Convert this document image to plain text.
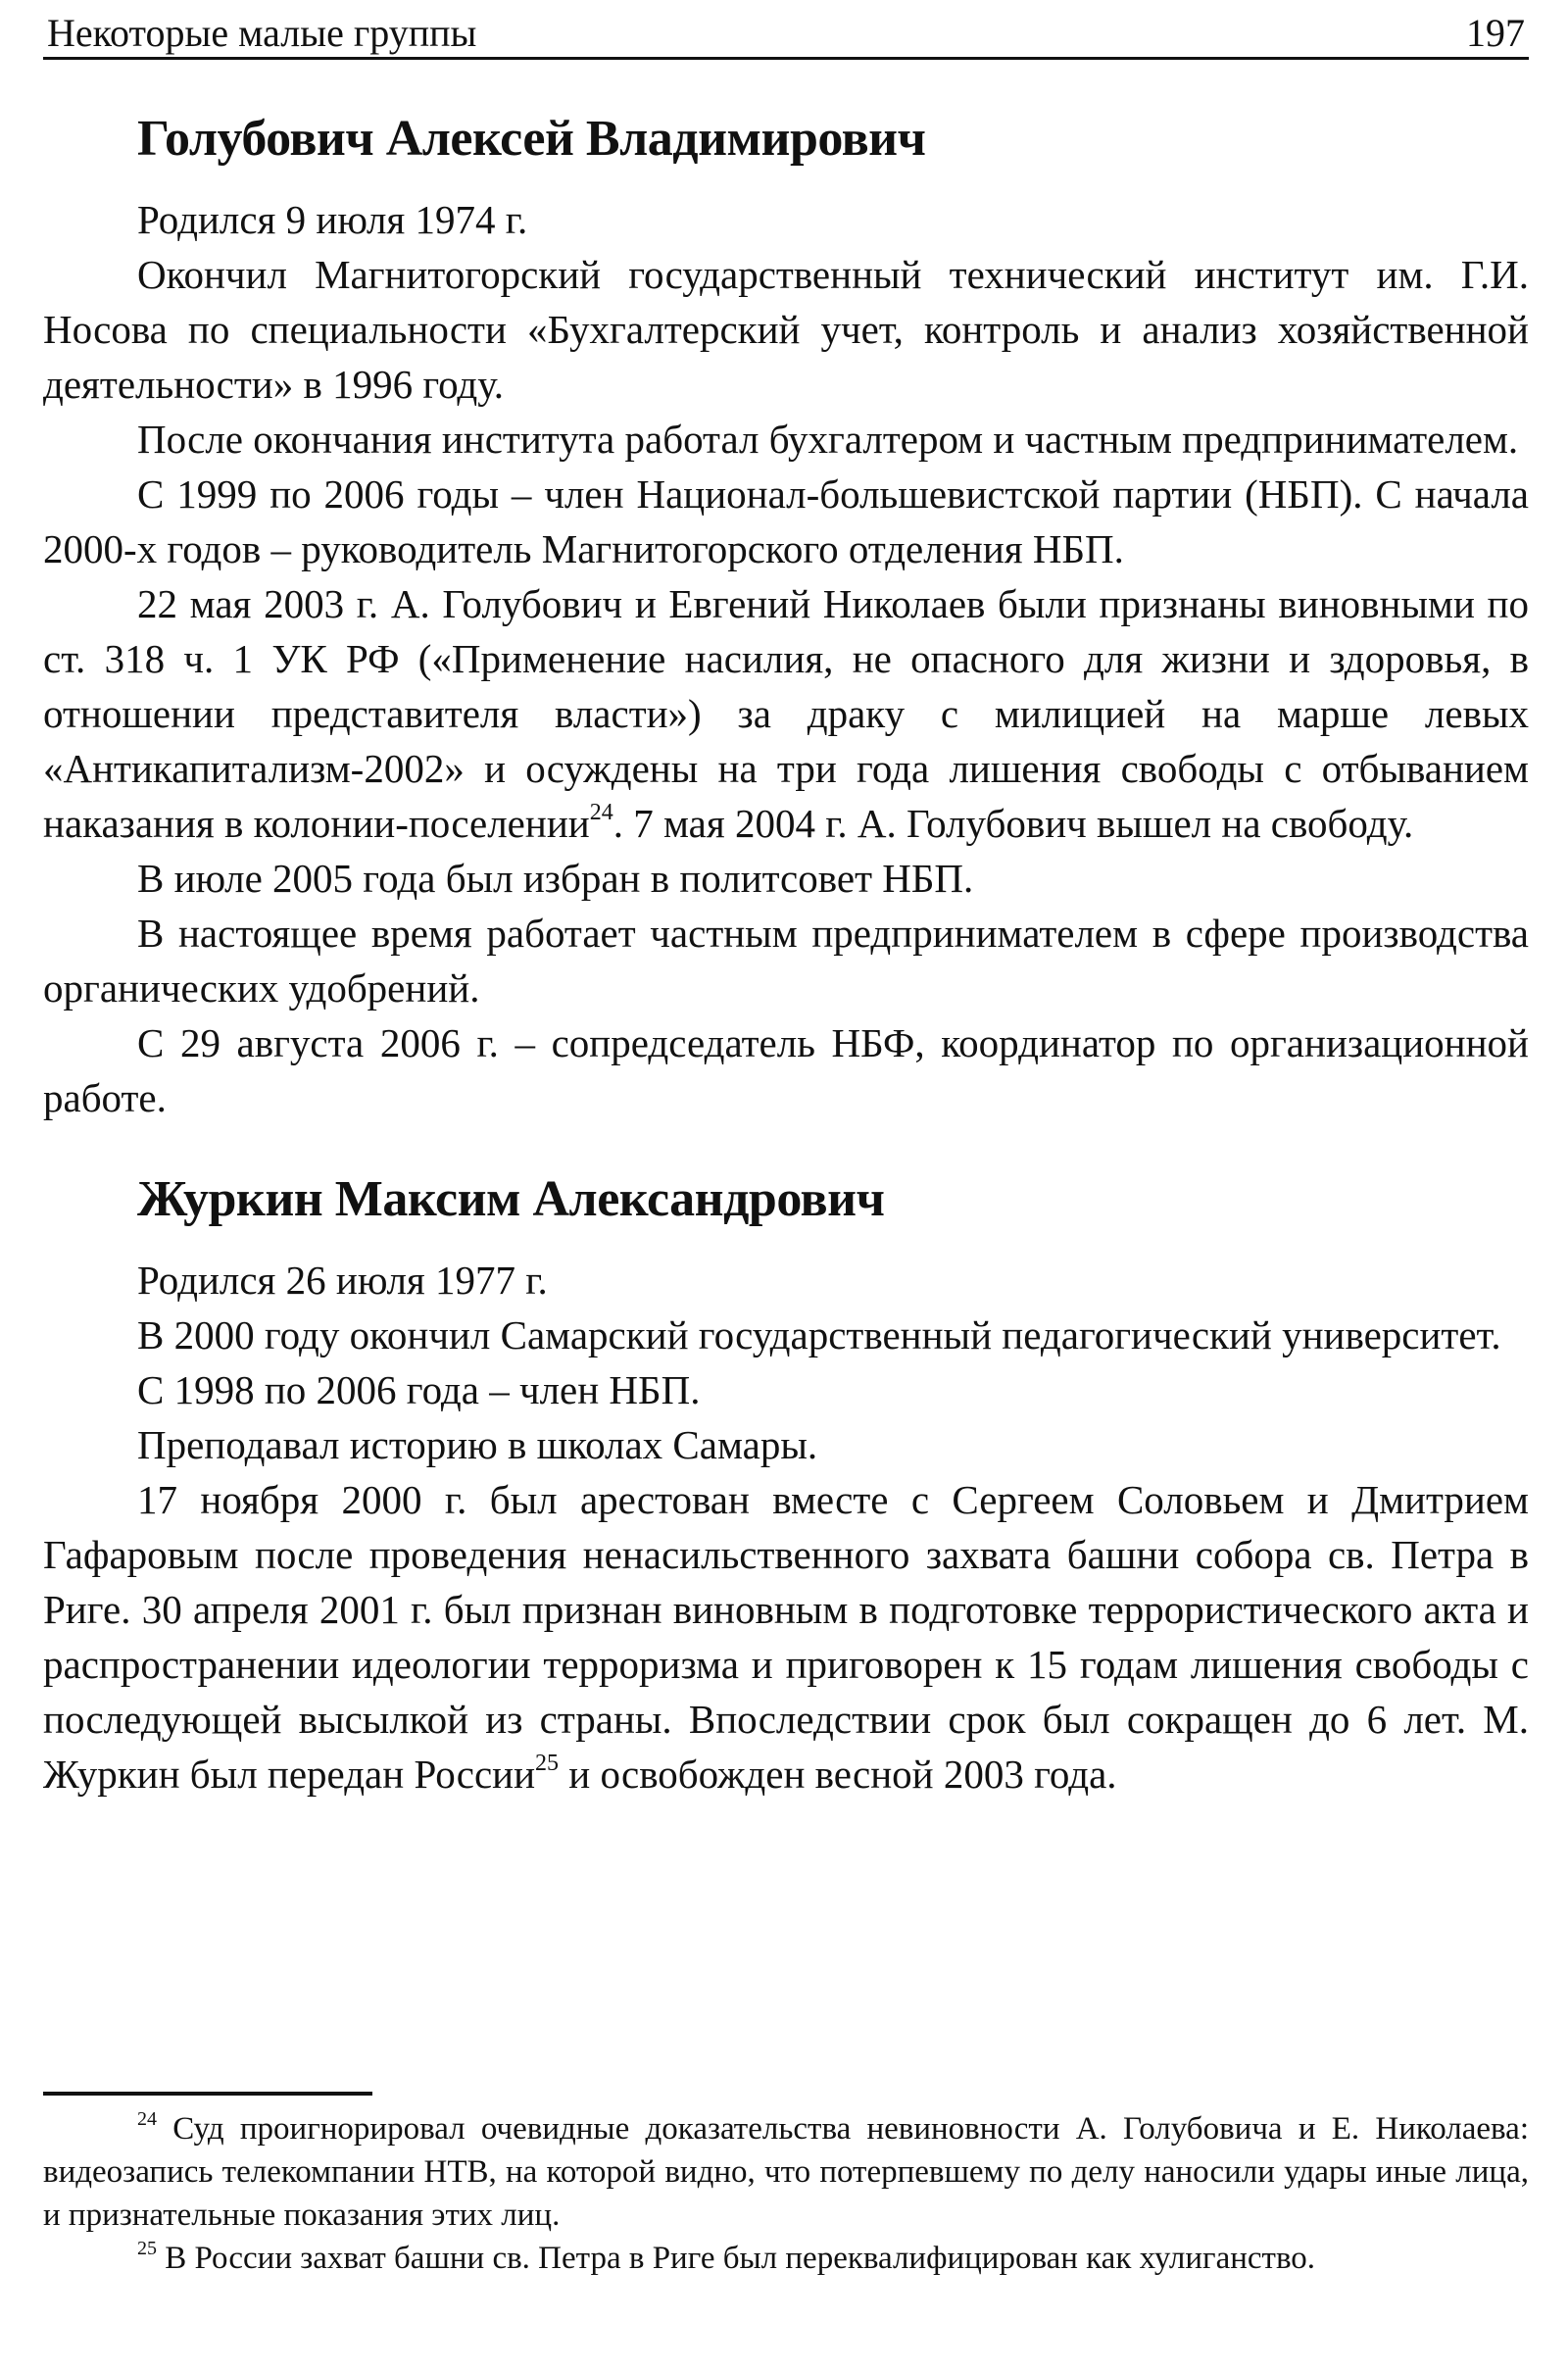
Некоторые малые группы	197
Голубович Алексей Владимирович

Родился 9 июля 1974 г.

Окончил Магнитогорский государственный технический институт им. Г.И. Носова по специальности «Бухгалтерский учет, контроль и анализ хозяйственной деятельности» в 1996 году.

После окончания института работал бухгалтером и частным предпринимателем.

С 1999 по 2006 годы – член Национал-большевистской партии (НБП). С начала 2000-х годов – руководитель Магнитогорского отделения НБП.

22 мая 2003 г. А. Голубович и Евгений Николаев были признаны виновными по ст. 318 ч. 1 УК РФ («Применение насилия, не опасного для жизни и здоровья, в отношении представителя власти») за драку с милицией на марше левых «Антикапитализм-2002» и осуждены на три года лишения свободы с отбыванием наказания в колонии-поселении$^{24}$. 7 мая 2004 г. А. Голубович вышел на свободу.

В июле 2005 года был избран в политсовет НБП.

В настоящее время работает частным предпринимателем в сфере производства органических удобрений.

С 29 августа 2006 г. – сопредседатель НБФ, координатор по организационной работе.

Журкин Максим Александрович

Родился 26 июля 1977 г.

В 2000 году окончил Самарский государственный педагогический университет.

С 1998 по 2006 года – член НБП.

Преподавал историю в школах Самары.

17 ноября 2000 г. был арестован вместе с Сергеем Соловьем и Дмитрием Гафаровым после проведения ненасильственного захвата башни собора св. Петра в Риге. 30 апреля 2001 г. был признан виновным в подготовке террористического акта и распространении идеологии терроризма и приговорен к 15 годам лишения свободы с последующей высылкой из страны. Впоследствии срок был сокращен до 6 лет. М. Журкин был передан России$^{25}$ и освобожден весной 2003 года.

$^{24}$ Суд проигнорировал очевидные доказательства невиновности А. Голубовича и Е. Николаева: видеозапись телекомпании НТВ, на которой видно, что потерпевшему по делу наносили удары иные лица, и признательные показания этих лиц.

$^{25}$ В России захват башни св. Петра в Риге был переквалифицирован как хулиганство.
